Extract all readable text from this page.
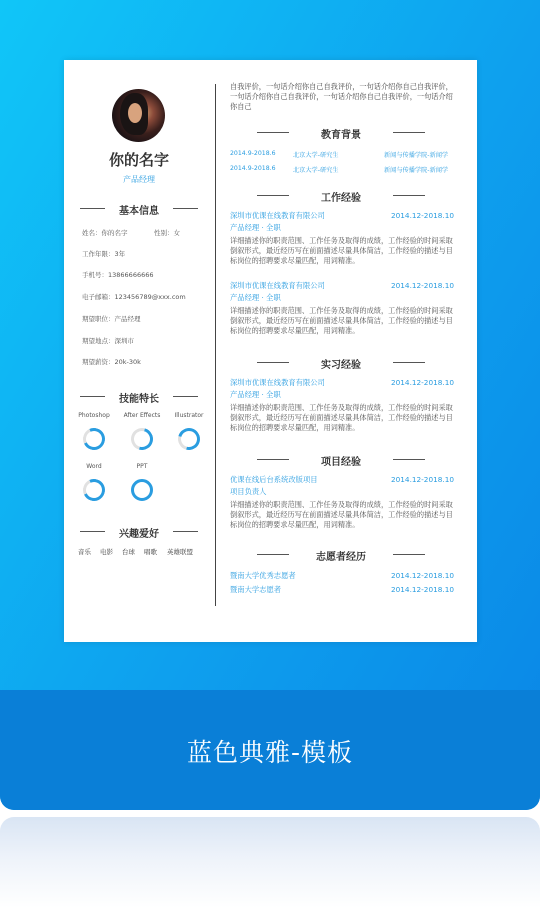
你的名字
产品经理
基本信息
姓名：你的名字	性别：女
工作年限：3年
手机号：13866666666
电子邮箱：123456789@xxx.com
期望职位：产品经理
期望地点：深圳市
期望薪资：20k-30k
技能特长
Photoshop	After Effects	Illustrator
Word	PPT
兴趣爱好
音乐 电影 台球 唱歌 英雄联盟
自我评价，一句话介绍你自己自我评价，一句话介绍你自己自我评价，一句话介绍你自己自我评价，一句话介绍你自己自我评价，一句话介绍你自己
教育背景
2014.9-2018.6	北京大学-研究生	新闻与传播学院-新闻学
2014.9-2018.6	北京大学-研究生	新闻与传播学院-新闻学
工作经验
深圳市优课在线教育有限公司	2014.12-2018.10
产品经理 · 全职
详细描述你的职责范围、工作任务及取得的成绩，工作经验的时间采取倒叙形式，最近经历写在前面描述尽量具体简洁，工作经验的描述与目标岗位的招聘要求尽量匹配，用词精准。
深圳市优课在线教育有限公司	2014.12-2018.10
产品经理 · 全职
详细描述你的职责范围、工作任务及取得的成绩，工作经验的时间采取倒叙形式，最近经历写在前面描述尽量具体简洁，工作经验的描述与目标岗位的招聘要求尽量匹配，用词精准。
实习经验
深圳市优课在线教育有限公司	2014.12-2018.10
产品经理 · 全职
详细描述你的职责范围、工作任务及取得的成绩，工作经验的时间采取倒叙形式，最近经历写在前面描述尽量具体简洁，工作经验的描述与目标岗位的招聘要求尽量匹配，用词精准。
项目经验
优课在线后台系统改版项目	2014.12-2018.10
项目负责人
详细描述你的职责范围、工作任务及取得的成绩，工作经验的时间采取倒叙形式，最近经历写在前面描述尽量具体简洁，工作经验的描述与目标岗位的招聘要求尽量匹配，用词精准。
志愿者经历
暨南大学优秀志愿者	2014.12-2018.10
暨南大学志愿者	2014.12-2018.10
蓝色典雅-模板
